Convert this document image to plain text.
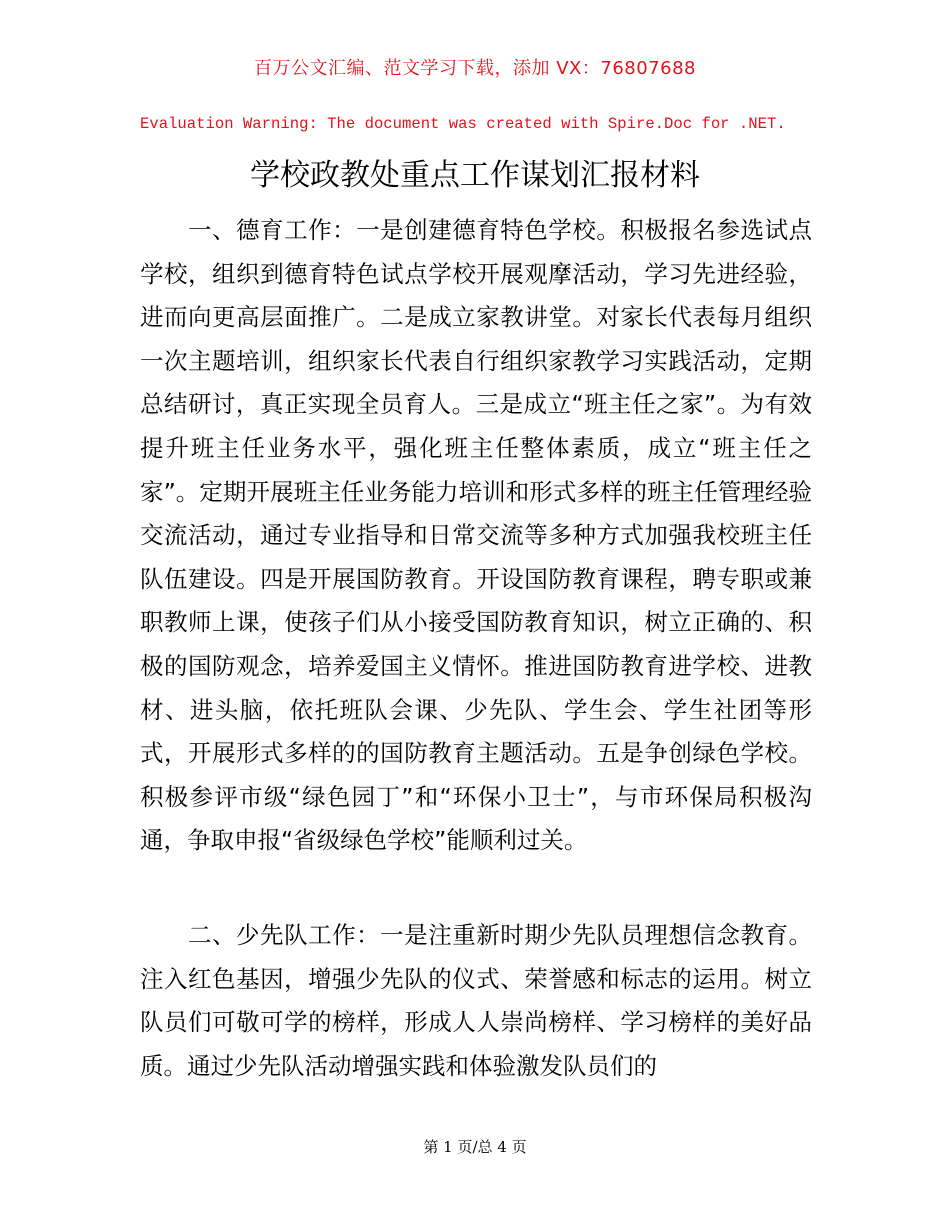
百万公文汇编、范文学习下载，添加 VX：76807688
Evaluation Warning: The document was created with Spire.Doc for .NET.
学校政教处重点工作谋划汇报材料

一、德育工作：一是创建德育特色学校。积极报名参选试点学校，组织到德育特色试点学校开展观摩活动，学习先进经验，进而向更高层面推广。二是成立家教讲堂。对家长代表每月组织一次主题培训，组织家长代表自行组织家教学习实践活动，定期总结研讨，真正实现全员育人。三是成立“班主任之家”。为有效提升班主任业务水平，强化班主任整体素质，成立“班主任之家”。定期开展班主任业务能力培训和形式多样的班主任管理经验交流活动，通过专业指导和日常交流等多种方式加强我校班主任队伍建设。四是开展国防教育。开设国防教育课程，聘专职或兼职教师上课，使孩子们从小接受国防教育知识，树立正确的、积极的国防观念，培养爱国主义情怀。推进国防教育进学校、进教材、进头脑，依托班队会课、少先队、学生会、学生社团等形式，开展形式多样的的国防教育主题活动。五是争创绿色学校。积极参评市级“绿色园丁”和“环保小卫士”，与市环保局积极沟通，争取申报“省级绿色学校”能顺利过关。

二、少先队工作：一是注重新时期少先队员理想信念教育。注入红色基因，增强少先队的仪式、荣誉感和标志的运用。树立队员们可敬可学的榜样，形成人人崇尚榜样、学习榜样的美好品质。通过少先队活动增强实践和体验激发队员们的

第 1 页/总 4 页
